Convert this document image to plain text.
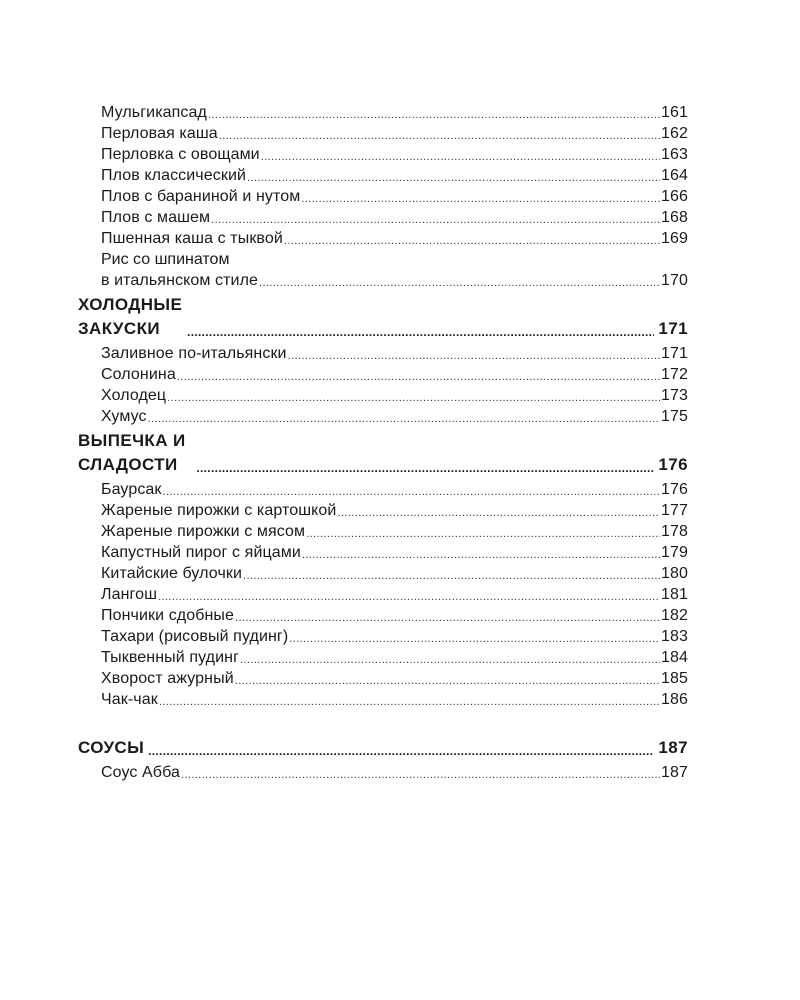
Мульгикапсад .....	161
Перловая каша .....	162
Перловка с овощами .....	163
Плов классический .....	164
Плов с бараниной и нутом .....	166
Плов с машем .....	168
Пшенная каша с тыквой .....	169
Рис со шпинатом
в итальянском стиле .....	170
ХОЛОДНЫЕ ЗАКУСКИ .....	171
Заливное по-итальянски .....	171
Солонина .....	172
Холодец .....	173
Хумус .....	175
ВЫПЕЧКА И СЛАДОСТИ .....	176
Баурсак .....	176
Жареные пирожки с картошкой .....	177
Жареные пирожки с мясом .....	178
Капустный пирог с яйцами .....	179
Китайские булочки .....	180
Лангош .....	181
Пончики сдобные .....	182
Тахари (рисовый пудинг) .....	183
Тыквенный пудинг .....	184
Хворост ажурный .....	185
Чак-чак .....	186
СОУСЫ .....	187
Соус Абба .....	187
